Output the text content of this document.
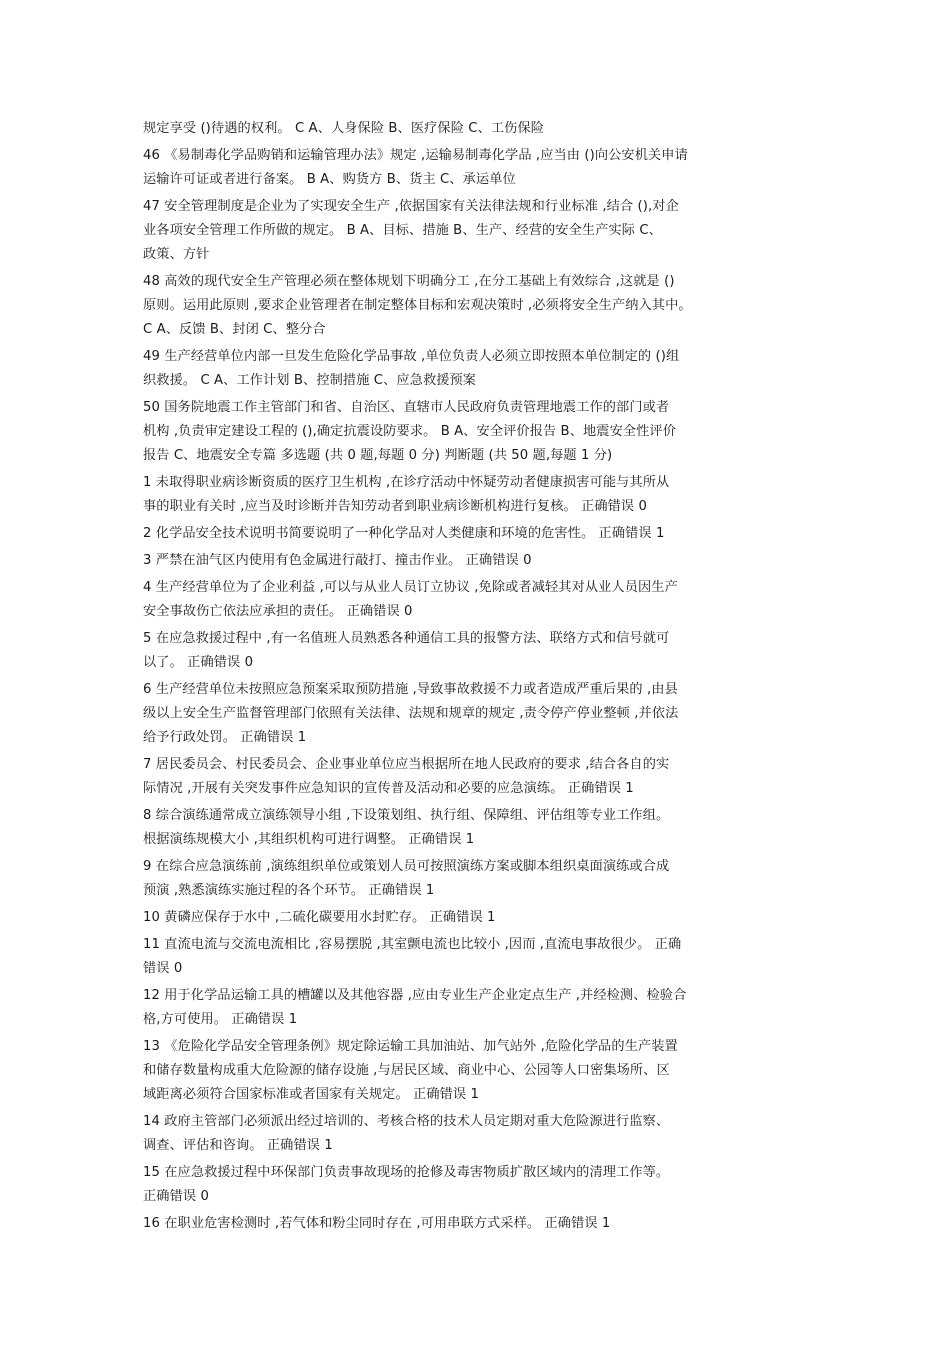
规定享受 ()待遇的权利。 C A、人身保险 B、医疗保险 C、工伤保险
46 《易制毒化学品购销和运输管理办法》规定 ,运输易制毒化学品 ,应当由 ()向公安机关申请
运输许可证或者进行备案。 B A、购货方 B、货主 C、承运单位
47 安全管理制度是企业为了实现安全生产 ,依据国家有关法律法规和行业标准 ,结合 (),对企
业各项安全管理工作所做的规定。 B A、目标、措施 B、生产、经营的安全生产实际 C、
政策、方针
48 高效的现代安全生产管理必须在整体规划下明确分工 ,在分工基础上有效综合 ,这就是 ()
原则。运用此原则 ,要求企业管理者在制定整体目标和宏观决策时 ,必须将安全生产纳入其中。
C A、反馈 B、封闭 C、整分合
49 生产经营单位内部一旦发生危险化学品事故 ,单位负责人必须立即按照本单位制定的 ()组
织救援。 C A、工作计划 B、控制措施 C、应急救援预案
50 国务院地震工作主管部门和省、自治区、直辖市人民政府负责管理地震工作的部门或者
机构 ,负责审定建设工程的 (),确定抗震设防要求。 B A、安全评价报告 B、地震安全性评价
报告 C、地震安全专篇 多选题 (共 0 题,每题 0 分) 判断题 (共 50 题,每题 1 分)
1 未取得职业病诊断资质的医疗卫生机构 ,在诊疗活动中怀疑劳动者健康损害可能与其所从
事的职业有关时 ,应当及时诊断并告知劳动者到职业病诊断机构进行复核。 正确错误 0
2 化学品安全技术说明书简要说明了一种化学品对人类健康和环境的危害性。 正确错误 1
3 严禁在油气区内使用有色金属进行敲打、撞击作业。 正确错误 0
4 生产经营单位为了企业利益 ,可以与从业人员订立协议 ,免除或者减轻其对从业人员因生产
安全事故伤亡依法应承担的责任。 正确错误 0
5 在应急救援过程中 ,有一名值班人员熟悉各种通信工具的报警方法、联络方式和信号就可
以了。 正确错误 0
6 生产经营单位未按照应急预案采取预防措施 ,导致事故救援不力或者造成严重后果的 ,由县
级以上安全生产监督管理部门依照有关法律、法规和规章的规定 ,责令停产停业整顿 ,并依法
给予行政处罚。 正确错误 1
7 居民委员会、村民委员会、企业事业单位应当根据所在地人民政府的要求 ,结合各自的实
际情况 ,开展有关突发事件应急知识的宣传普及活动和必要的应急演练。 正确错误 1
8 综合演练通常成立演练领导小组 ,下设策划组、执行组、保障组、评估组等专业工作组。
根据演练规模大小 ,其组织机构可进行调整。 正确错误 1
9 在综合应急演练前 ,演练组织单位或策划人员可按照演练方案或脚本组织桌面演练或合成
预演 ,熟悉演练实施过程的各个环节。 正确错误 1
10 黄磷应保存于水中 ,二硫化碳要用水封贮存。 正确错误 1
11 直流电流与交流电流相比 ,容易摆脱 ,其室颤电流也比较小 ,因而 ,直流电事故很少。 正确
错误 0
12 用于化学品运输工具的槽罐以及其他容器 ,应由专业生产企业定点生产 ,并经检测、检验合
格,方可使用。 正确错误 1
13 《危险化学品安全管理条例》规定除运输工具加油站、加气站外 ,危险化学品的生产装置
和储存数量构成重大危险源的储存设施 ,与居民区域、商业中心、公园等人口密集场所、区
域距离必须符合国家标准或者国家有关规定。 正确错误 1
14 政府主管部门必须派出经过培训的、考核合格的技术人员定期对重大危险源进行监察、
调查、评估和咨询。 正确错误 1
15 在应急救援过程中环保部门负责事故现场的抢修及毒害物质扩散区域内的清理工作等。
正确错误 0
16 在职业危害检测时 ,若气体和粉尘同时存在 ,可用串联方式采样。 正确错误 1
